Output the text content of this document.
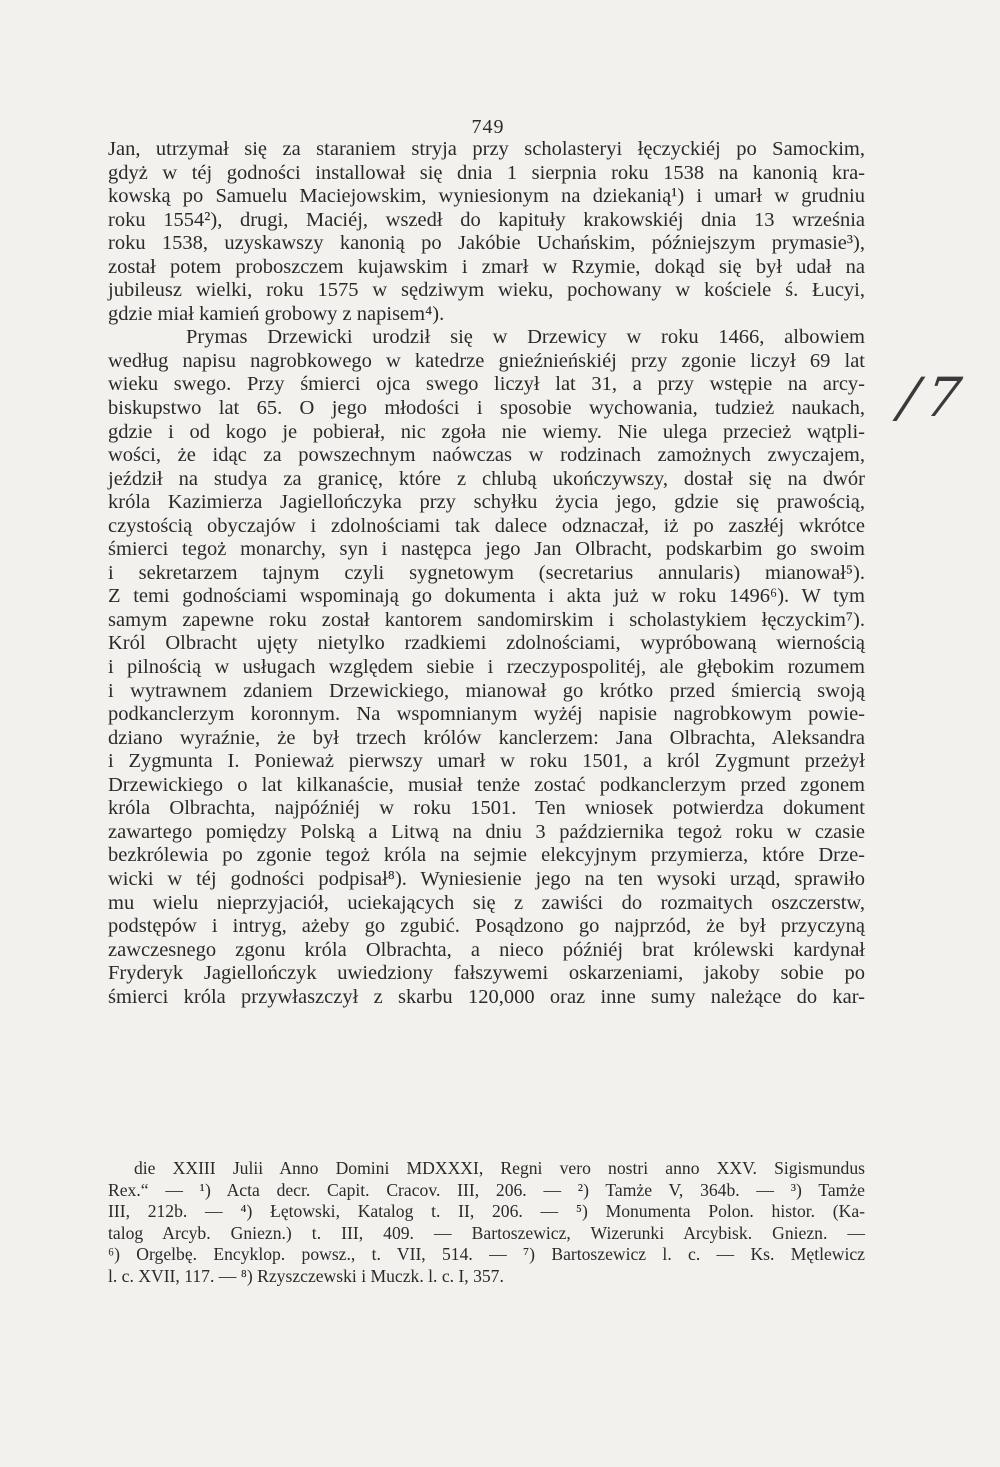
749
Jan, utrzymał się za staraniem stryja przy scholasteryi łęczyckiéj po Samockim,
gdyż w téj godności installował się dnia 1 sierpnia roku 1538 na kanonią kra-
kowską po Samuelu Maciejowskim, wyniesionym na dziekanią¹) i umarł w grudniu
roku 1554²), drugi, Maciéj, wszedł do kapituły krakowskiéj dnia 13 września
roku 1538, uzyskawszy kanonią po Jakóbie Uchańskim, późniejszym prymasie³),
został potem proboszczem kujawskim i zmarł w Rzymie, dokąd się był udał na
jubileusz wielki, roku 1575 w sędziwym wieku, pochowany w kościele ś. Łucyi,
gdzie miał kamień grobowy z napisem⁴).
Prymas Drzewicki urodził się w Drzewicy w roku 1466, albowiem
według napisu nagrobkowego w katedrze gnieźnieńskiéj przy zgonie liczył 69 lat
wieku swego. Przy śmierci ojca swego liczył lat 31, a przy wstępie na arcy-
biskupstwo lat 65. O jego młodości i sposobie wychowania, tudzież naukach,
gdzie i od kogo je pobierał, nic zgoła nie wiemy. Nie ulega przecież wątpli-
wości, że idąc za powszechnym naówczas w rodzinach zamożnych zwyczajem,
jeździł na studya za granicę, które z chlubą ukończywszy, dostał się na dwór
króla Kazimierza Jagiellończyka przy schyłku życia jego, gdzie się prawością,
czystością obyczajów i zdolnościami tak dalece odznaczał, iż po zaszłéj wkrótce
śmierci tegoż monarchy, syn i następca jego Jan Olbracht, podskarbim go swoim
i sekretarzem tajnym czyli sygnetowym (secretarius annularis) mianował⁵).
Z temi godnościami wspominają go dokumenta i akta już w roku 1496⁶). W tym
samym zapewne roku został kantorem sandomirskim i scholastykiem łęczyckim⁷).
Król Olbracht ujęty nietylko rzadkiemi zdolnościami, wypróbowaną wiernością
i pilnością w usługach względem siebie i rzeczypospolitéj, ale głębokim rozumem
i wytrawnem zdaniem Drzewickiego, mianował go krótko przed śmiercią swoją
podkanclerzym koronnym. Na wspomnianym wyżéj napisie nagrobkowym powie-
dziano wyraźnie, że był trzech królów kanclerzem: Jana Olbrachta, Aleksandra
i Zygmunta I. Ponieważ pierwszy umarł w roku 1501, a król Zygmunt przeżył
Drzewickiego o lat kilkanaście, musiał tenże zostać podkanclerzym przed zgonem
króla Olbrachta, najpóźniéj w roku 1501. Ten wniosek potwierdza dokument
zawartego pomiędzy Polską a Litwą na dniu 3 października tegoż roku w czasie
bezkrólewia po zgonie tegoż króla na sejmie elekcyjnym przymierza, które Drze-
wicki w téj godności podpisał⁸). Wyniesienie jego na ten wysoki urząd, sprawiło
mu wielu nieprzyjaciół, uciekających się z zawiści do rozmaitych oszczerstw,
podstępów i intryg, ażeby go zgubić. Posądzono go najprzód, że był przyczyną
zawczesnego zgonu króla Olbrachta, a nieco późniéj brat królewski kardynał
Fryderyk Jagiellończyk uwiedziony fałszywemi oskarzeniami, jakoby sobie po
śmierci króla przywłaszczył z skarbu 120,000 oraz inne sumy należące do kar-
die XXIII Julii Anno Domini MDXXXI, Regni vero nostri anno XXV. Sigismundus
Rex.“ — ¹) Acta decr. Capit. Cracov. III, 206. — ²) Tamże V, 364b. — ³) Tamże
III, 212b. — ⁴) Łętowski, Katalog t. II, 206. — ⁵) Monumenta Polon. histor. (Ka-
talog Arcyb. Gniezn.) t. III, 409. — Bartoszewicz, Wizerunki Arcybisk. Gniezn. —
⁶) Orgelbę. Encyklop. powsz., t. VII, 514. — ⁷) Bartoszewicz l. c. — Ks. Mętlewicz
l. c. XVII, 117. — ⁸) Rzyszczewski i Muczk. l. c. I, 357.
/7
